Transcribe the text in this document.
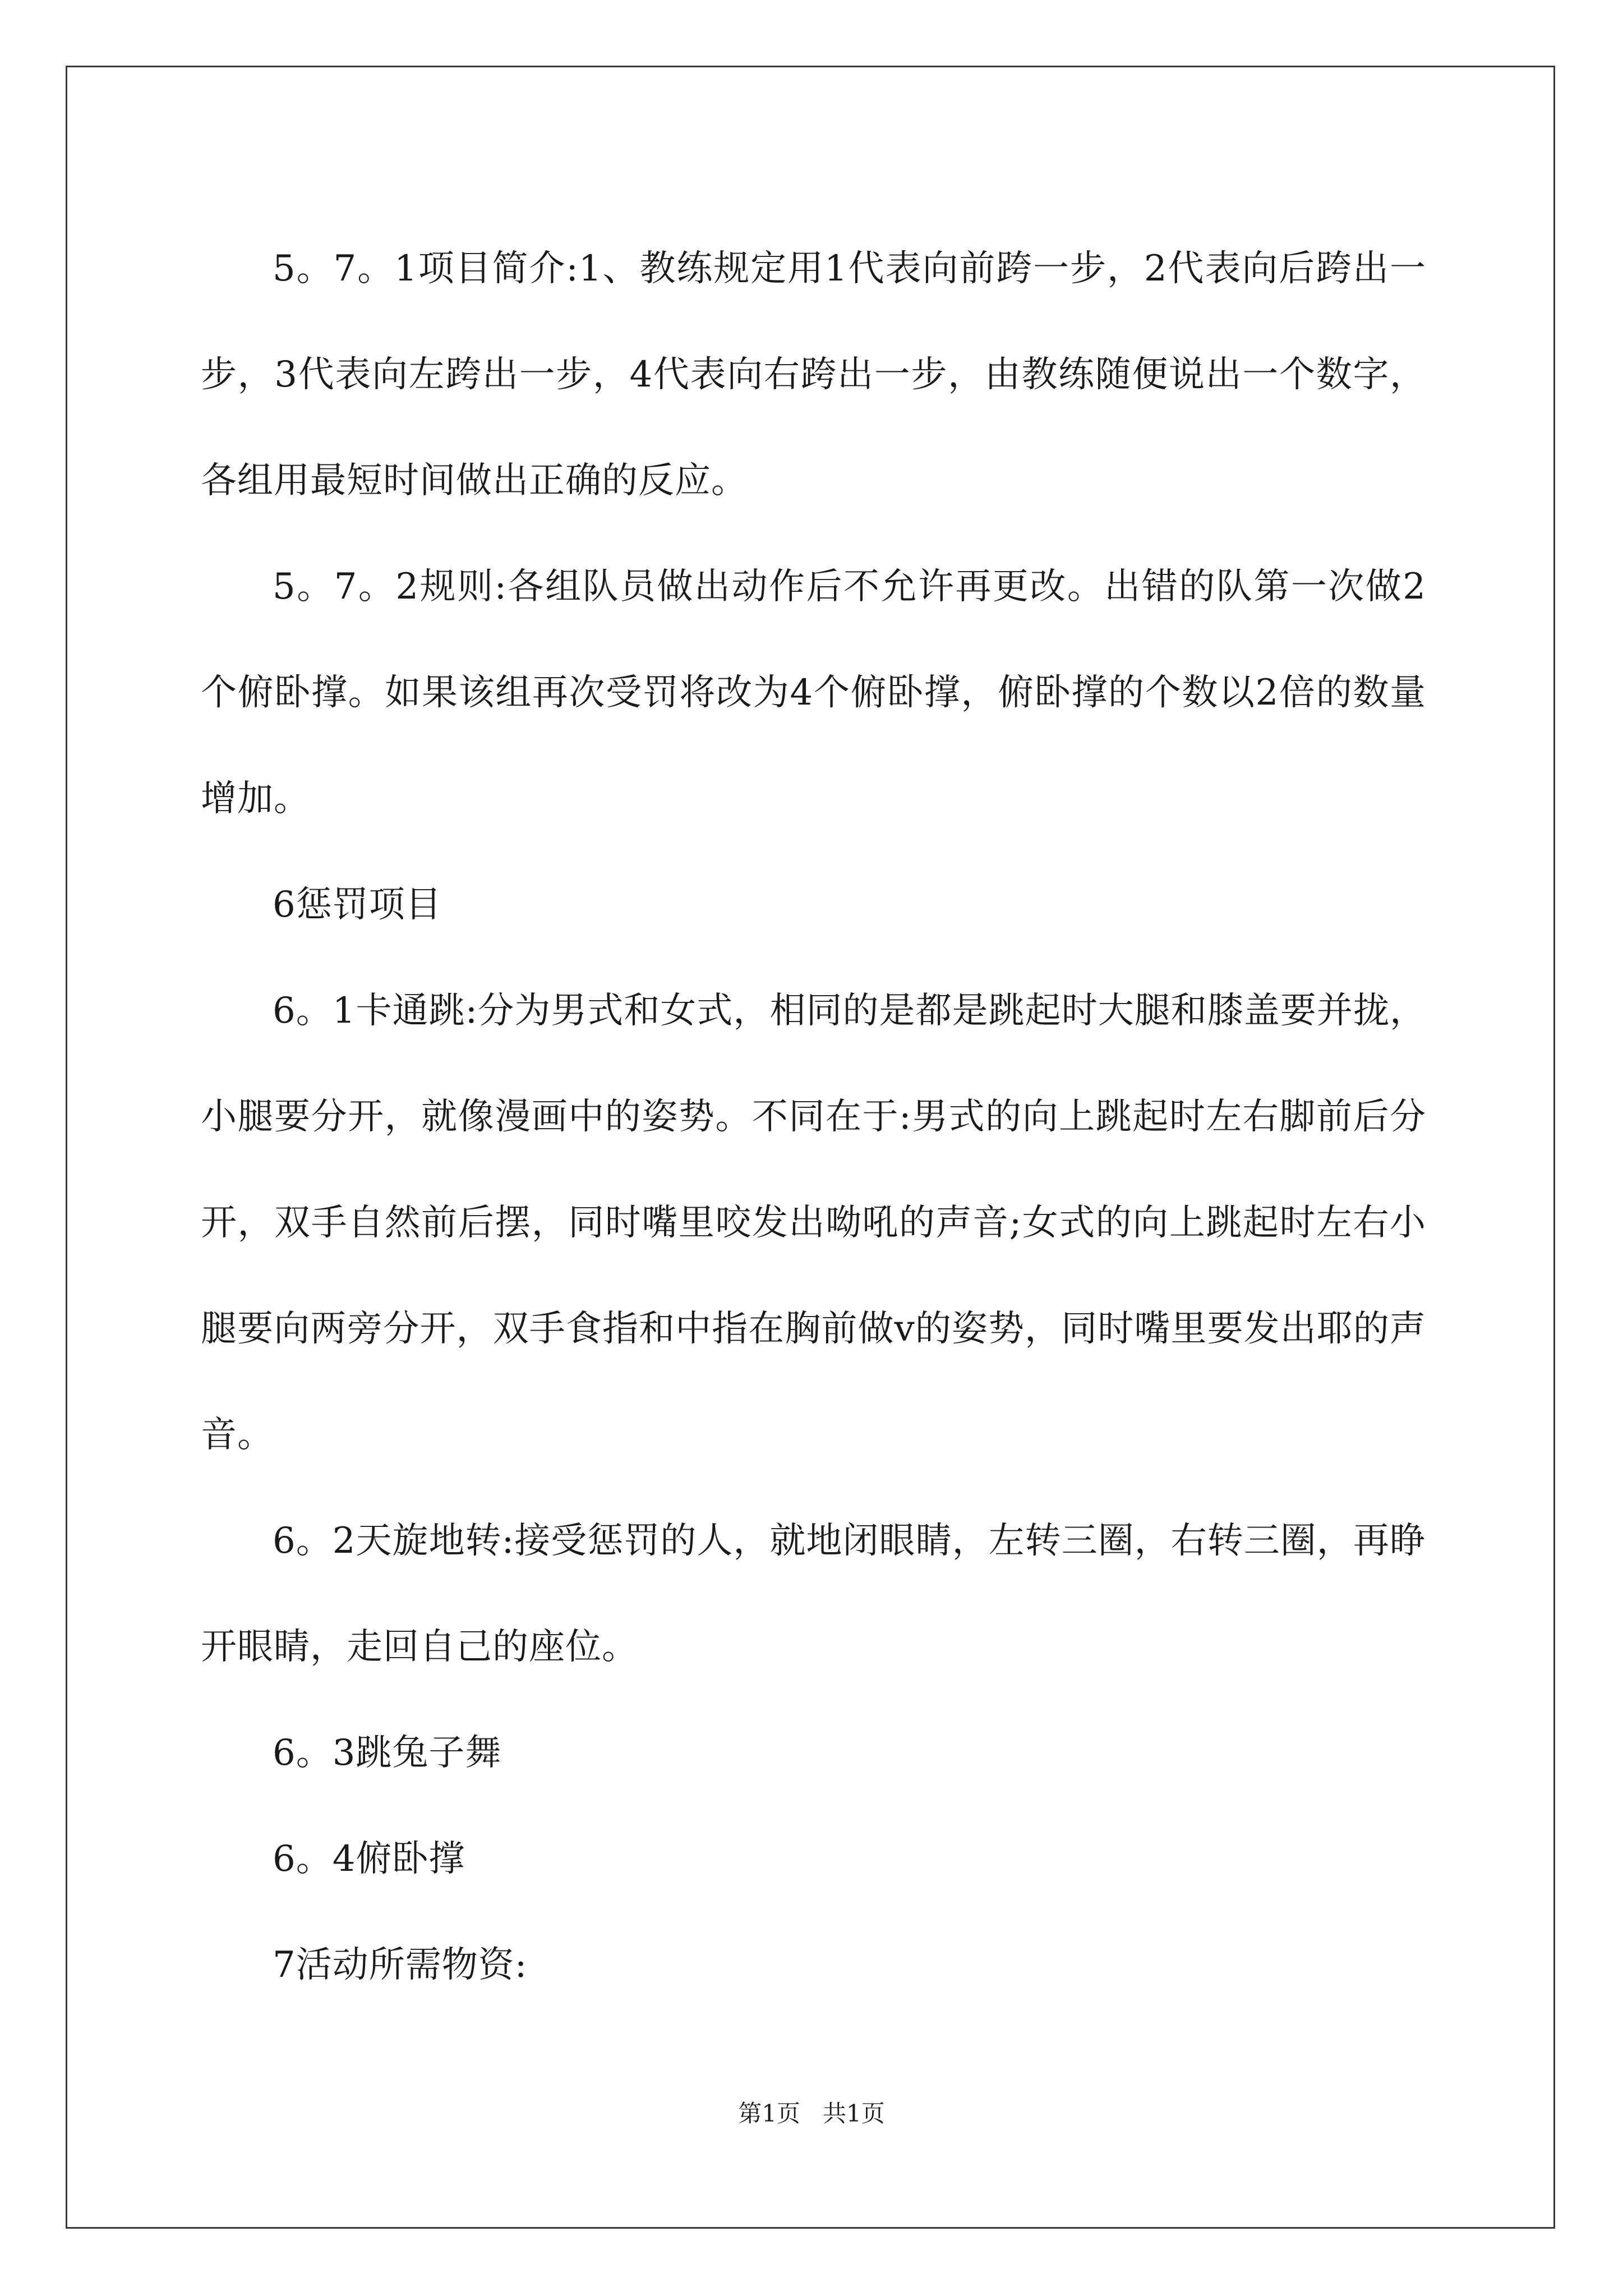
5。7。1项目简介:1、教练规定用1代表向前跨一步，2代表向后跨出一步，3代表向左跨出一步，4代表向右跨出一步，由教练随便说出一个数字，各组用最短时间做出正确的反应。

5。7。2规则:各组队员做出动作后不允许再更改。出错的队第一次做2个俯卧撑。如果该组再次受罚将改为4个俯卧撑，俯卧撑的个数以2倍的数量增加。

6惩罚项目

6。1卡通跳:分为男式和女式，相同的是都是跳起时大腿和膝盖要并拢，小腿要分开，就像漫画中的姿势。不同在于:男式的向上跳起时左右脚前后分开，双手自然前后摆，同时嘴里咬发出呦吼的声音;女式的向上跳起时左右小腿要向两旁分开，双手食指和中指在胸前做v的姿势，同时嘴里要发出耶的声音。

6。2天旋地转:接受惩罚的人，就地闭眼睛，左转三圈，右转三圈，再睁开眼睛，走回自己的座位。

6。3跳兔子舞

6。4俯卧撑

7活动所需物资:

第1页 共1页
